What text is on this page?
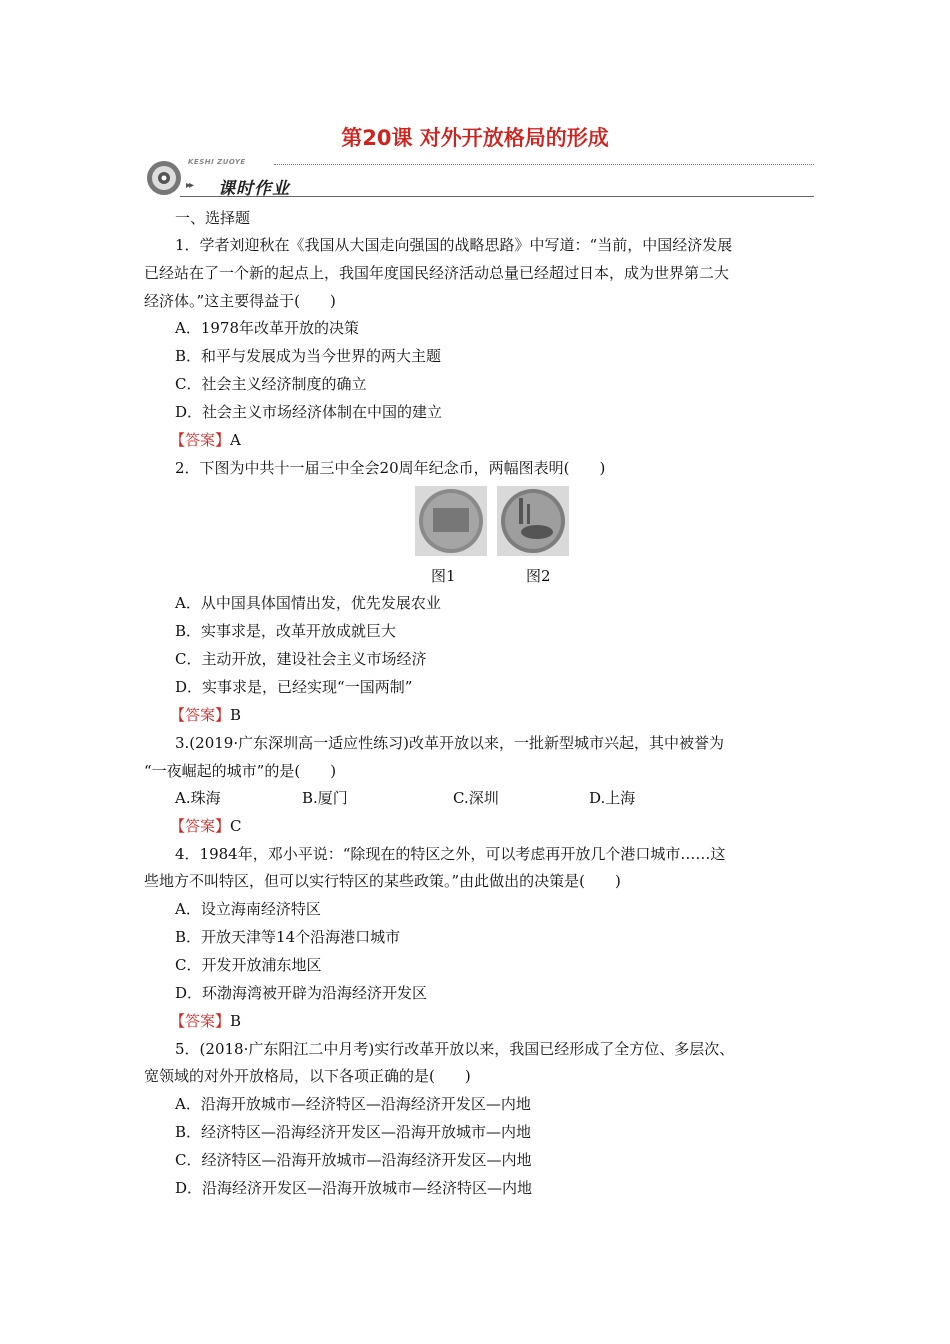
第20课 对外开放格局的形成
KESHI ZUOYE
▸▸ 课时作业
一、选择题
1．学者刘迎秋在《我国从大国走向强国的战略思路》中写道：“当前，中国经济发展
已经站在了一个新的起点上，我国年度国民经济活动总量已经超过日本，成为世界第二大
经济体。”这主要得益于(　　)
A．1978年改革开放的决策
B．和平与发展成为当今世界的两大主题
C．社会主义经济制度的确立
D．社会主义市场经济体制在中国的建立
【答案】A
2．下图为中共十一届三中全会20周年纪念币，两幅图表明(　　)
图1	图2
A．从中国具体国情出发，优先发展农业
B．实事求是，改革开放成就巨大
C．主动开放，建设社会主义市场经济
D．实事求是，已经实现“一国两制”
【答案】B
3.(2019·广东深圳高一适应性练习)改革开放以来，一批新型城市兴起，其中被誉为
“一夜崛起的城市”的是(　　)
A.珠海	B.厦门	C.深圳	D.上海
【答案】C
4．1984年，邓小平说：“除现在的特区之外，可以考虑再开放几个港口城市……这
些地方不叫特区，但可以实行特区的某些政策。”由此做出的决策是(　　)
A．设立海南经济特区
B．开放天津等14个沿海港口城市
C．开发开放浦东地区
D．环渤海湾被开辟为沿海经济开发区
【答案】B
5．(2018·广东阳江二中月考)实行改革开放以来，我国已经形成了全方位、多层次、
宽领域的对外开放格局，以下各项正确的是(　　)
A．沿海开放城市—经济特区—沿海经济开发区—内地
B．经济特区—沿海经济开发区—沿海开放城市—内地
C．经济特区—沿海开放城市—沿海经济开发区—内地
D．沿海经济开发区—沿海开放城市—经济特区—内地
